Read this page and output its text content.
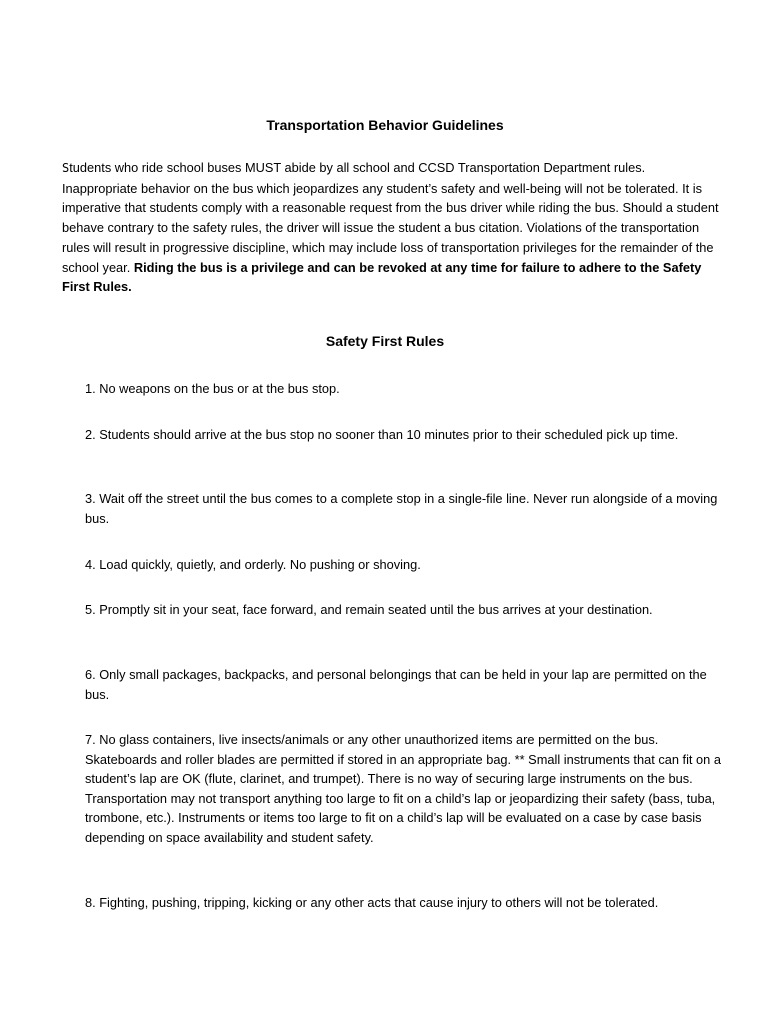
Transportation Behavior Guidelines

Students who ride school buses MUST abide by all school and CCSD Transportation Department rules. Inappropriate behavior on the bus which jeopardizes any student’s safety and well-being will not be tolerated. It is imperative that students comply with a reasonable request from the bus driver while riding the bus. Should a student behave contrary to the safety rules, the driver will issue the student a bus citation. Violations of the transportation rules will result in progressive discipline, which may include loss of transportation privileges for the remainder of the school year. Riding the bus is a privilege and can be revoked at any time for failure to adhere to the Safety First Rules.

Safety First Rules

1. No weapons on the bus or at the bus stop.

2. Students should arrive at the bus stop no sooner than 10 minutes prior to their scheduled pick up time.

3. Wait off the street until the bus comes to a complete stop in a single-file line. Never run alongside of a moving bus.

4. Load quickly, quietly, and orderly. No pushing or shoving.

5. Promptly sit in your seat, face forward, and remain seated until the bus arrives at your destination.

6. Only small packages, backpacks, and personal belongings that can be held in your lap are permitted on the bus.

7. No glass containers, live insects/animals or any other unauthorized items are permitted on the bus. Skateboards and roller blades are permitted if stored in an appropriate bag. ** Small instruments that can fit on a student’s lap are OK (flute, clarinet, and trumpet). There is no way of securing large instruments on the bus. Transportation may not transport anything too large to fit on a child’s lap or jeopardizing their safety (bass, tuba, trombone, etc.). Instruments or items too large to fit on a child’s lap will be evaluated on a case by case basis depending on space availability and student safety.

8. Fighting, pushing, tripping, kicking or any other acts that cause injury to others will not be tolerated.
